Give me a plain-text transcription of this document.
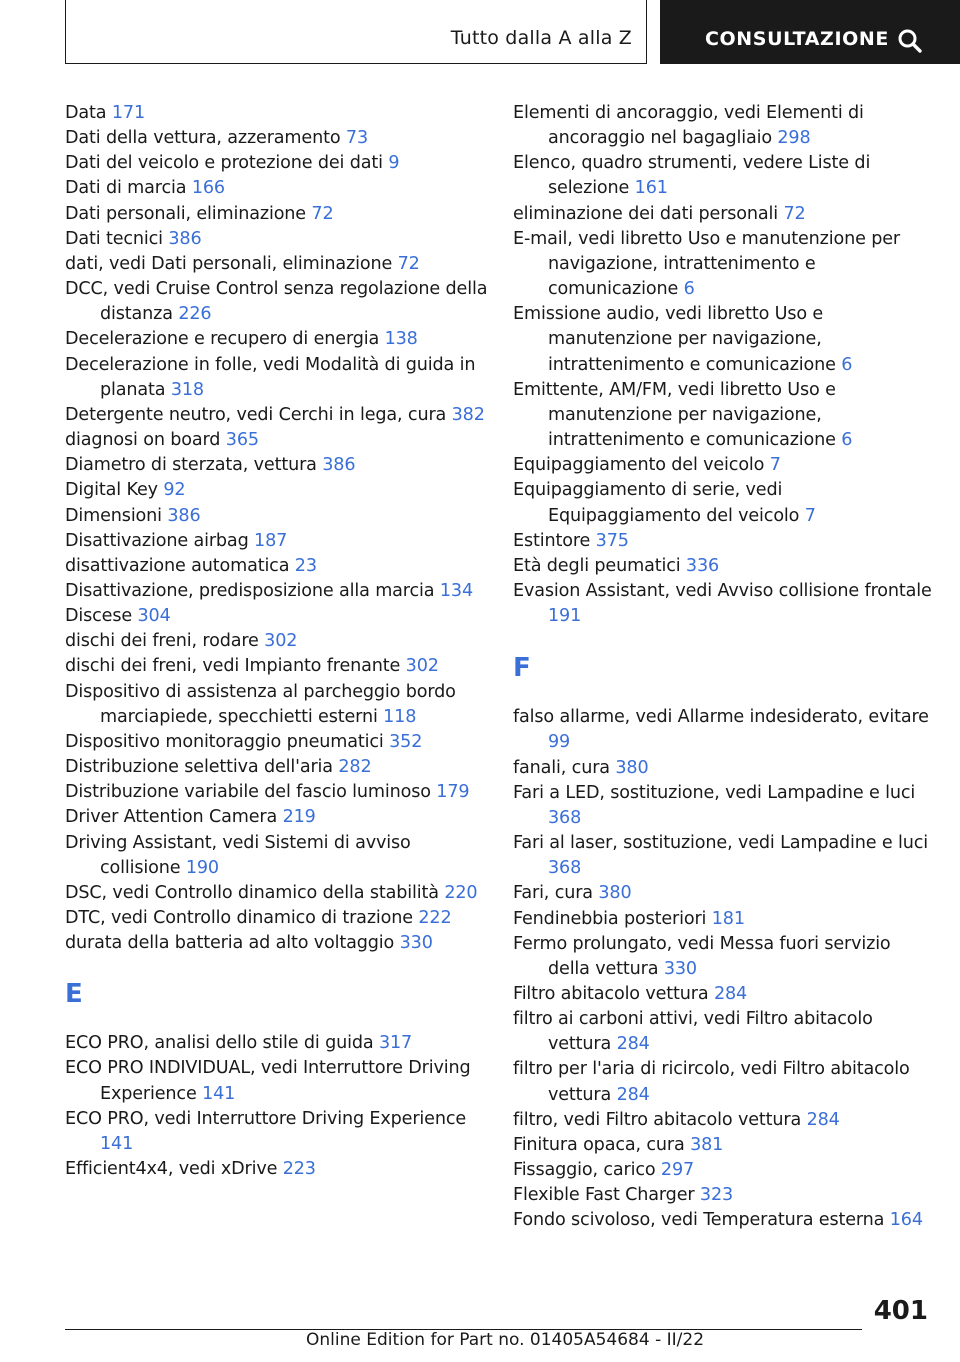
Tutto dalla A alla Z	CONSULTAZIONE

Data 171

Dati della vettura, azzeramento 73

Dati del veicolo e protezione dei dati 9

Dati di marcia 166

Dati personali, eliminazione 72

Dati tecnici 386

dati, vedi Dati personali, eliminazione 72

DCC, vedi Cruise Control senza regolazione della distanza 226

Decelerazione e recupero di energia 138

Decelerazione in folle, vedi Modalità di guida in planata 318

Detergente neutro, vedi Cerchi in lega, cura 382

diagnosi on board 365

Diametro di sterzata, vettura 386

Digital Key 92

Dimensioni 386

Disattivazione airbag 187

disattivazione automatica 23

Disattivazione, predisposizione alla marcia 134

Discese 304

dischi dei freni, rodare 302

dischi dei freni, vedi Impianto frenante 302

Dispositivo di assistenza al parcheggio bordo marciapiede, specchietti esterni 118

Dispositivo monitoraggio pneumatici 352

Distribuzione selettiva dell'aria 282

Distribuzione variabile del fascio luminoso 179

Driver Attention Camera 219

Driving Assistant, vedi Sistemi di avviso collisione 190

DSC, vedi Controllo dinamico della stabilità 220

DTC, vedi Controllo dinamico di trazione 222

durata della batteria ad alto voltaggio 330

E

ECO PRO, analisi dello stile di guida 317

ECO PRO INDIVIDUAL, vedi Interruttore Driving Experience 141

ECO PRO, vedi Interruttore Driving Experience 141

Efficient4x4, vedi xDrive 223

Elementi di ancoraggio, vedi Elementi di ancoraggio nel bagagliaio 298

Elenco, quadro strumenti, vedere Liste di selezione 161

eliminazione dei dati personali 72

E-mail, vedi libretto Uso e manutenzione per navigazione, intrattenimento e comunicazione 6

Emissione audio, vedi libretto Uso e manutenzione per navigazione, intrattenimento e comunicazione 6

Emittente, AM/FM, vedi libretto Uso e manutenzione per navigazione, intrattenimento e comunicazione 6

Equipaggiamento del veicolo 7

Equipaggiamento di serie, vedi Equipaggiamento del veicolo 7

Estintore 375

Età degli peumatici 336

Evasion Assistant, vedi Avviso collisione frontale 191

F

falso allarme, vedi Allarme indesiderato, evitare 99

fanali, cura 380

Fari a LED, sostituzione, vedi Lampadine e luci 368

Fari al laser, sostituzione, vedi Lampadine e luci 368

Fari, cura 380

Fendinebbia posteriori 181

Fermo prolungato, vedi Messa fuori servizio della vettura 330

Filtro abitacolo vettura 284

filtro ai carboni attivi, vedi Filtro abitacolo vettura 284

filtro per l'aria di ricircolo, vedi Filtro abitacolo vettura 284

filtro, vedi Filtro abitacolo vettura 284

Finitura opaca, cura 381

Fissaggio, carico 297

Flexible Fast Charger 323

Fondo scivoloso, vedi Temperatura esterna 164

401
Online Edition for Part no. 01405A54684 - II/22
